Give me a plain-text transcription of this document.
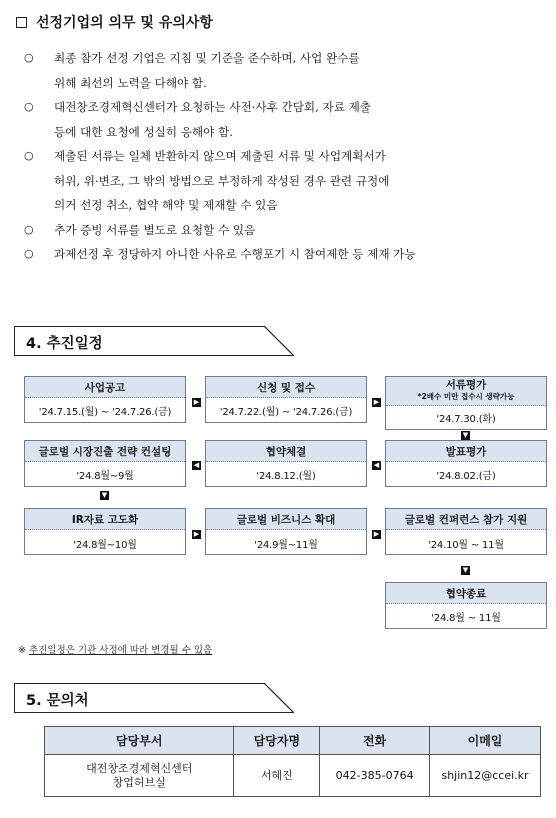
선정기업의 의무 및 유의사항
○ 최종 참가 선정 기업은 지침 및 기준을 준수하며, 사업 완수를
위해 최선의 노력을 다해야 함.
○ 대전창조경제혁신센터가 요청하는 사전·사후 간담회, 자료 제출
등에 대한 요청에 성실히 응해야 함.
○ 제출된 서류는 일체 반환하지 않으며 제출된 서류 및 사업계획서가
허위, 위·변조, 그 밖의 방법으로 부정하게 작성된 경우 관련 규정에
의거 선정 취소, 협약 해약 및 제재할 수 있음
○ 추가 증빙 서류를 별도로 요청할 수 있음
○ 과제선정 후 정당하지 아니한 사유로 수행포기 시 참여제한 등 제재 가능
4. 추진일정
사업공고
'24.7.15.(월) ~ '24.7.26.(금)
신청 및 접수
'24.7.22.(월) ~ '24.7.26.(금)
서류평가
*2배수 미만 접수시 생략가능
'24.7.30.(화)
글로벌 시장진출 전략 컨설팅
'24.8월~9월
협약체결
'24.8.12.(월)
발표평가
'24.8.02.(금)
IR자료 고도화
'24.8월~10월
글로벌 비즈니스 확대
'24.9월~11월
글로벌 컨퍼런스 참가 지원
'24.10월 ~ 11월
협약종료
'24.8월 ~ 11월
▶	▶
▼
◀
◀
▼
▶	▶
▼
※ 추진일정은 기관 사정에 따라 변경될 수 있음
5. 문의처
담당부서	담당자명	전화	이메일

대전창조경제혁신센터
창업허브실	서혜진	042-385-0764	shjin12@ccei.kr
